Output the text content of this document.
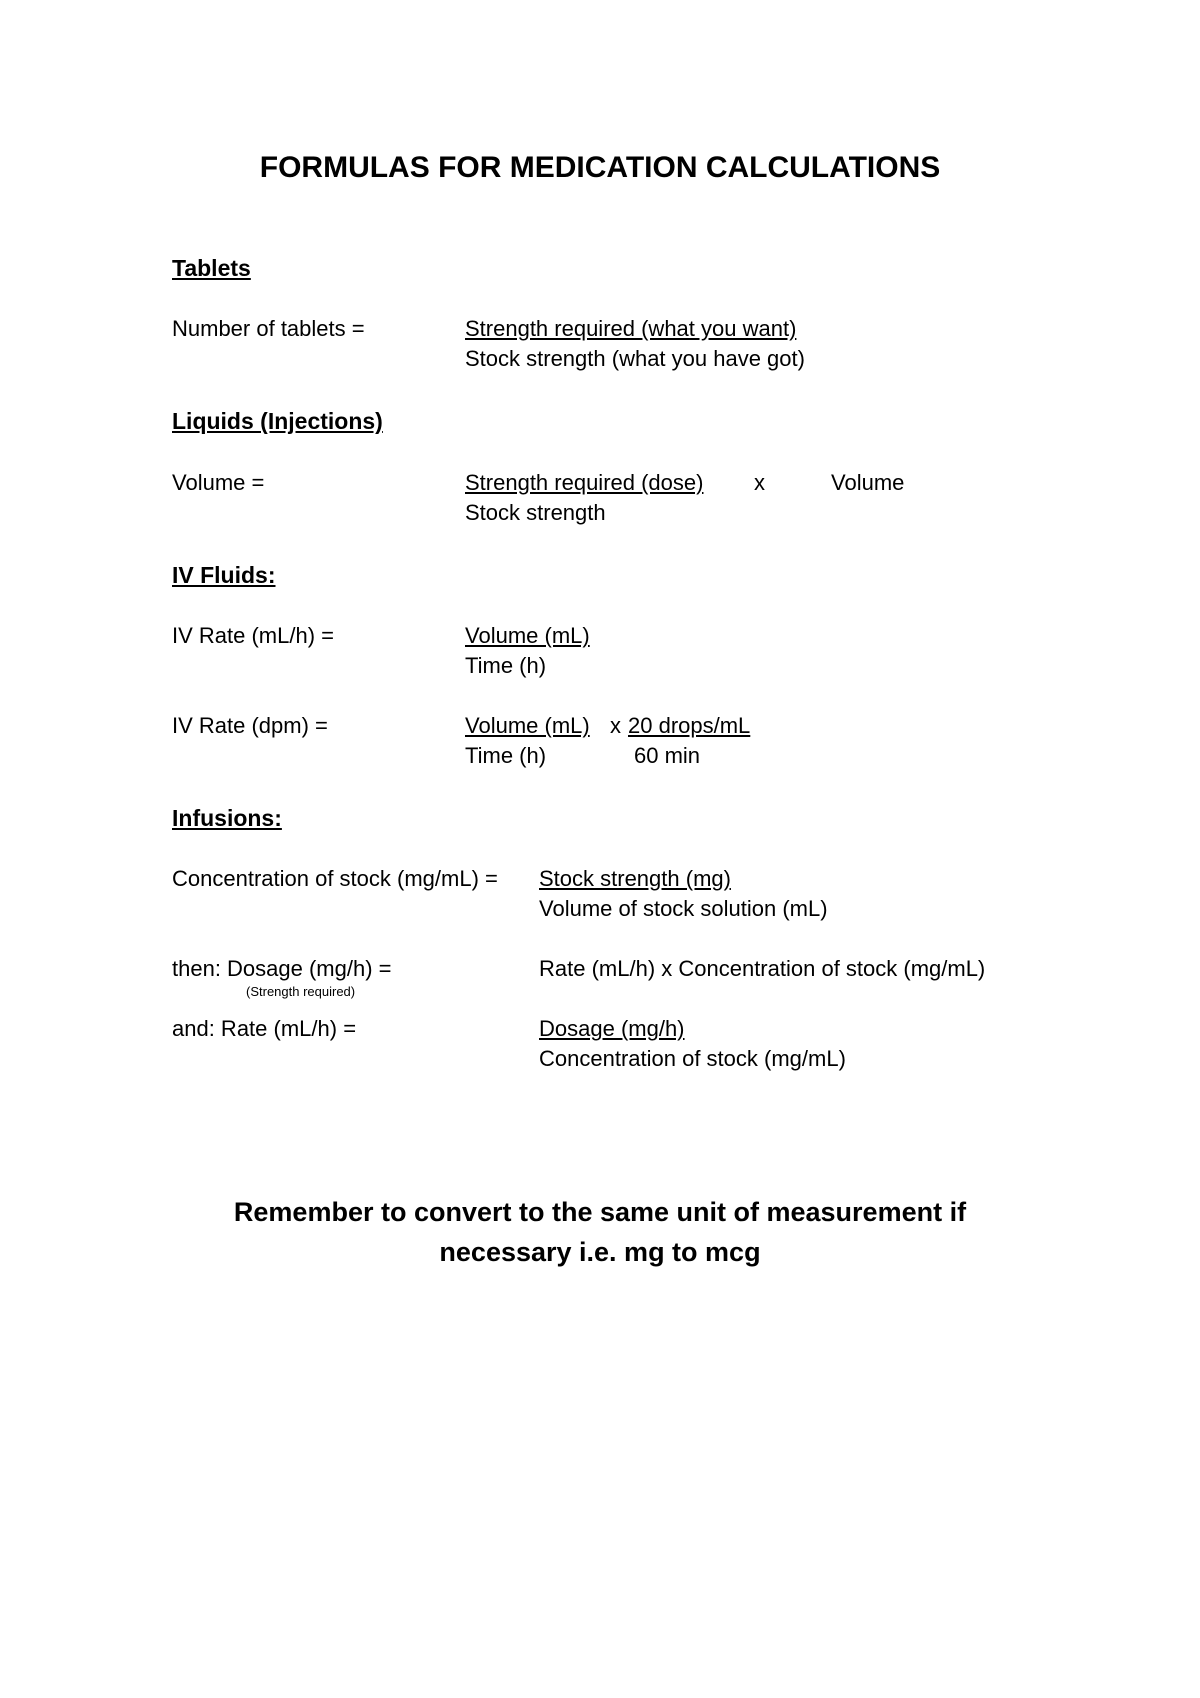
FORMULAS FOR MEDICATION CALCULATIONS
Tablets
Number of tablets =	Strength required (what you want)
Stock strength (what you have got)
Liquids (Injections)
Volume =	Strength required (dose) x	Volume
Stock strength
IV Fluids:
IV Rate (mL/h) =	Volume (mL)
Time (h)
IV Rate (dpm) =	Volume (mL) x 20 drops/mL
Time (h)	60 min
Infusions:
Concentration of stock (mg/mL) = Stock strength (mg)
Volume of stock solution (mL)
then: Dosage (mg/h) =
(Strength required)
Rate (mL/h) x Concentration of stock (mg/mL)
and: Rate (mL/h) =	Dosage (mg/h)
Concentration of stock (mg/mL)
Remember to convert to the same unit of measurement if
necessary i.e. mg to mcg
